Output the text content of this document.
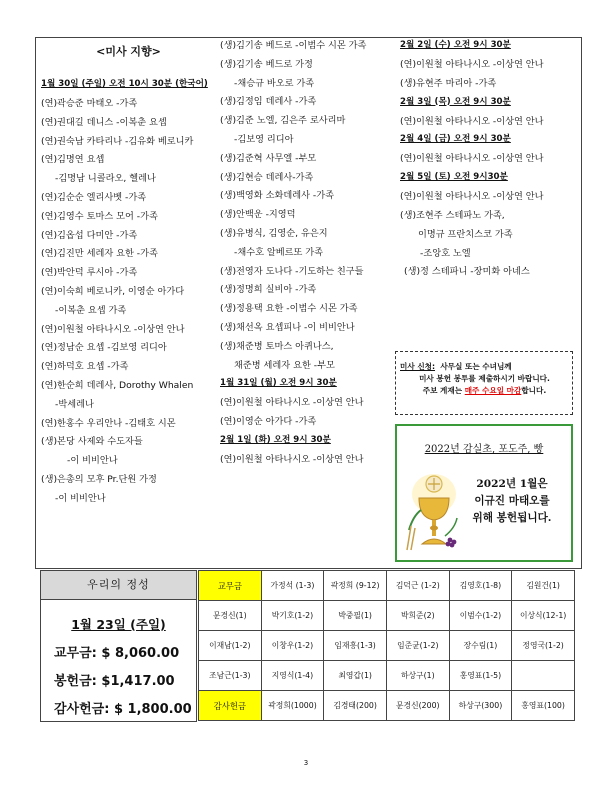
<미사 지향>
1월 30일 (주일) 오전 10시 30분 (한국어)
(연)곽승준 마태오 -가족
(연)권대길 데니스 -이복춘 요셉
(연)권숙남 카타리나 -김유화 베로니카
(연)김명연 요셉
-김명남 니콜라오, 헬레나
(연)김순순 엘리사벳 -가족
(연)김영수 토마스 모어 -가족
(연)김옵섭 다미안 -가족
(연)김진만 세레자 요한 -가족
(연)박안덕 루시아 -가족
(연)이숙희 베로니카, 이영순 아가다
-이복춘 요셉 가족
(연)이원철 아타나시오 -이상연 안나
(연)정남순 요셉 -김보영 리디아
(연)하덕호 요셉 -가족
(연)한순희 데레사, Dorothy Whalen
-박세레나
(연)한홍수 우리안나 -김태호 시몬
(생)본당 사제와 수도자들
-이 비비안나
(생)은총의 모후 Pr.단원 가정
-이 비비안나
(생)김기송 베드로 -이범수 시몬 가족
(생)김기송 베드로 가정
-채승규 바오로 가족
(생)김정임 데레사 -가족
(생)김준 노엘, 김은주 로사리마
-김보영 리디아
(생)김준혁 사무엘 -부모
(생)김현승 데레사-가족
(생)백영화 소화데레사 -가족
(생)안백운 -지영덕
(생)유병식, 김영순, 유은지
-채수호 알베르또 가족
(생)전영자 도나다 -기도하는 친구들
(생)정명희 실비아 -가족
(생)정용택 요한 -이범수 시몬 가족
(생)채선옥 요셉피나 -이 비비안나
(생)채준병 토마스 아퀴나스,
채준병 세레자 요한 -부모
1월 31일 (월) 오전 9시 30분
(연)이원철 아타나시오 -이상연 안나
(연)이영순 아가다 -가족
2월 1일 (화) 오전 9시 30분
(연)이원철 아타나시오 -이상연 안나
2월 2일 (수) 오전 9시 30분
(연)이원철 아타나시오 -이상연 안나
(생)유현주 마리아 -가족
2월 3일 (목) 오전 9시 30분
(연)이원철 아타나시오 -이상연 안나
2월 4일 (금) 오전 9시 30분
(연)이원철 아타나시오 -이상연 안나
2월 5일 (토) 오전 9시30분
(연)이원철 아타나시오 -이상연 안나
(생)조현주 스테파노 가족,
이명규 프란치스코 가족
-조앙호 노엘
(생)정 스테파니 -장미화 아네스
미사 신청: 사무실 또는 수녀님께
미사 봉헌 봉투를 제출하시기 바랍니다.
주보 게재는 매주 수요일 마감합니다.
2022년 감실초, 포도주, 빵
2022년 1월은
이규진 마태오를
위해 봉헌됩니다.
우리의 정성
1월 23일 (주일)
교무금: $ 8,060.00
봉헌금: $1,417.00
감사헌금: $ 1,800.00
교무금	가정석 (1-3)	곽정희 (9-12)	김덕근 (1-2)	김영호(1-8)	김원건(1)
문경신(1)	박기호(1-2)	박중필(1)	박희준(2)	이범수(1-2)	이상식(12-1)
이재남(1-2)	이창우(1-2)	임재흥(1-3)	임준균(1-2)	장수림(1)	정영국(1-2)
조남근(1-3)	지영식(1-4)	최영갑(1)	하상구(1)	홍영표(1-5)	
감사헌금	곽정희(1000)	김경태(200)	문경신(200)	하상구(300)	홍영표(100)
3
